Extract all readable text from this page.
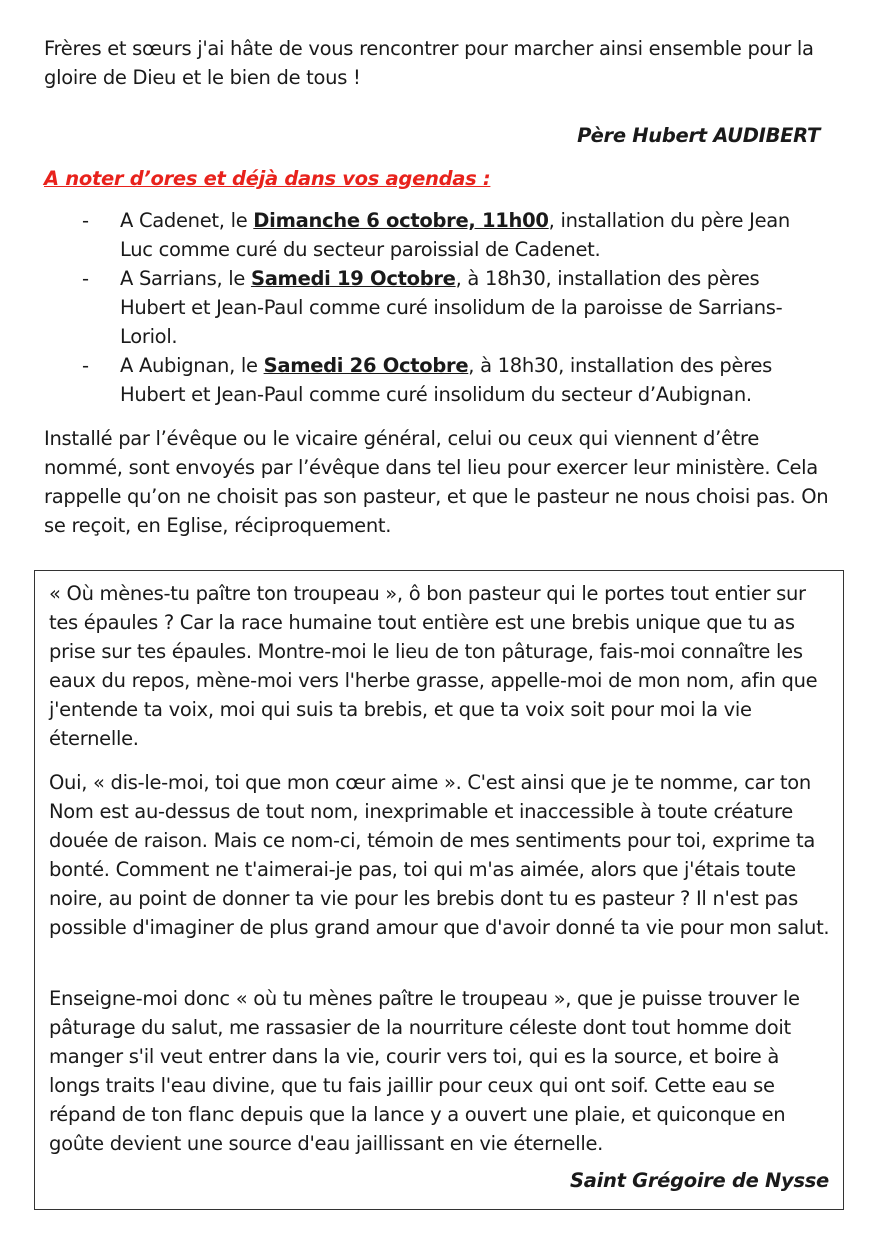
Frères et sœurs j'ai hâte de vous rencontrer pour marcher ainsi ensemble pour la gloire de Dieu et le bien de tous !

Père Hubert AUDIBERT
A noter d’ores et déjà dans vos agendas :
- A Cadenet, le Dimanche 6 octobre, 11h00, installation du père Jean Luc comme curé du secteur paroissial de Cadenet.
- A Sarrians, le Samedi 19 Octobre, à 18h30, installation des pères Hubert et Jean-Paul comme curé insolidum de la paroisse de Sarrians-Loriol.
- A Aubignan, le Samedi 26 Octobre, à 18h30, installation des pères Hubert et Jean-Paul comme curé insolidum du secteur d’Aubignan.

Installé par l’évêque ou le vicaire général, celui ou ceux qui viennent d’être nommé, sont envoyés par l’évêque dans tel lieu pour exercer leur ministère. Cela rappelle qu’on ne choisit pas son pasteur, et que le pasteur ne nous choisi pas. On se reçoit, en Eglise, réciproquement.

« Où mènes-tu paître ton troupeau », ô bon pasteur qui le portes tout entier sur tes épaules ? Car la race humaine tout entière est une brebis unique que tu as prise sur tes épaules. Montre-moi le lieu de ton pâturage, fais-moi connaître les eaux du repos, mène-moi vers l'herbe grasse, appelle-moi de mon nom, afin que j'entende ta voix, moi qui suis ta brebis, et que ta voix soit pour moi la vie éternelle.

Oui, « dis-le-moi, toi que mon cœur aime ». C'est ainsi que je te nomme, car ton Nom est au-dessus de tout nom, inexprimable et inaccessible à toute créature douée de raison. Mais ce nom-ci, témoin de mes sentiments pour toi, exprime ta bonté. Comment ne t'aimerai-je pas, toi qui m'as aimée, alors que j'étais toute noire, au point de donner ta vie pour les brebis dont tu es pasteur ? Il n'est pas possible d'imaginer de plus grand amour que d'avoir donné ta vie pour mon salut.

Enseigne-moi donc « où tu mènes paître le troupeau », que je puisse trouver le pâturage du salut, me rassasier de la nourriture céleste dont tout homme doit manger s'il veut entrer dans la vie, courir vers toi, qui es la source, et boire à longs traits l'eau divine, que tu fais jaillir pour ceux qui ont soif. Cette eau se répand de ton flanc depuis que la lance y a ouvert une plaie, et quiconque en goûte devient une source d'eau jaillissant en vie éternelle.

Saint Grégoire de Nysse
